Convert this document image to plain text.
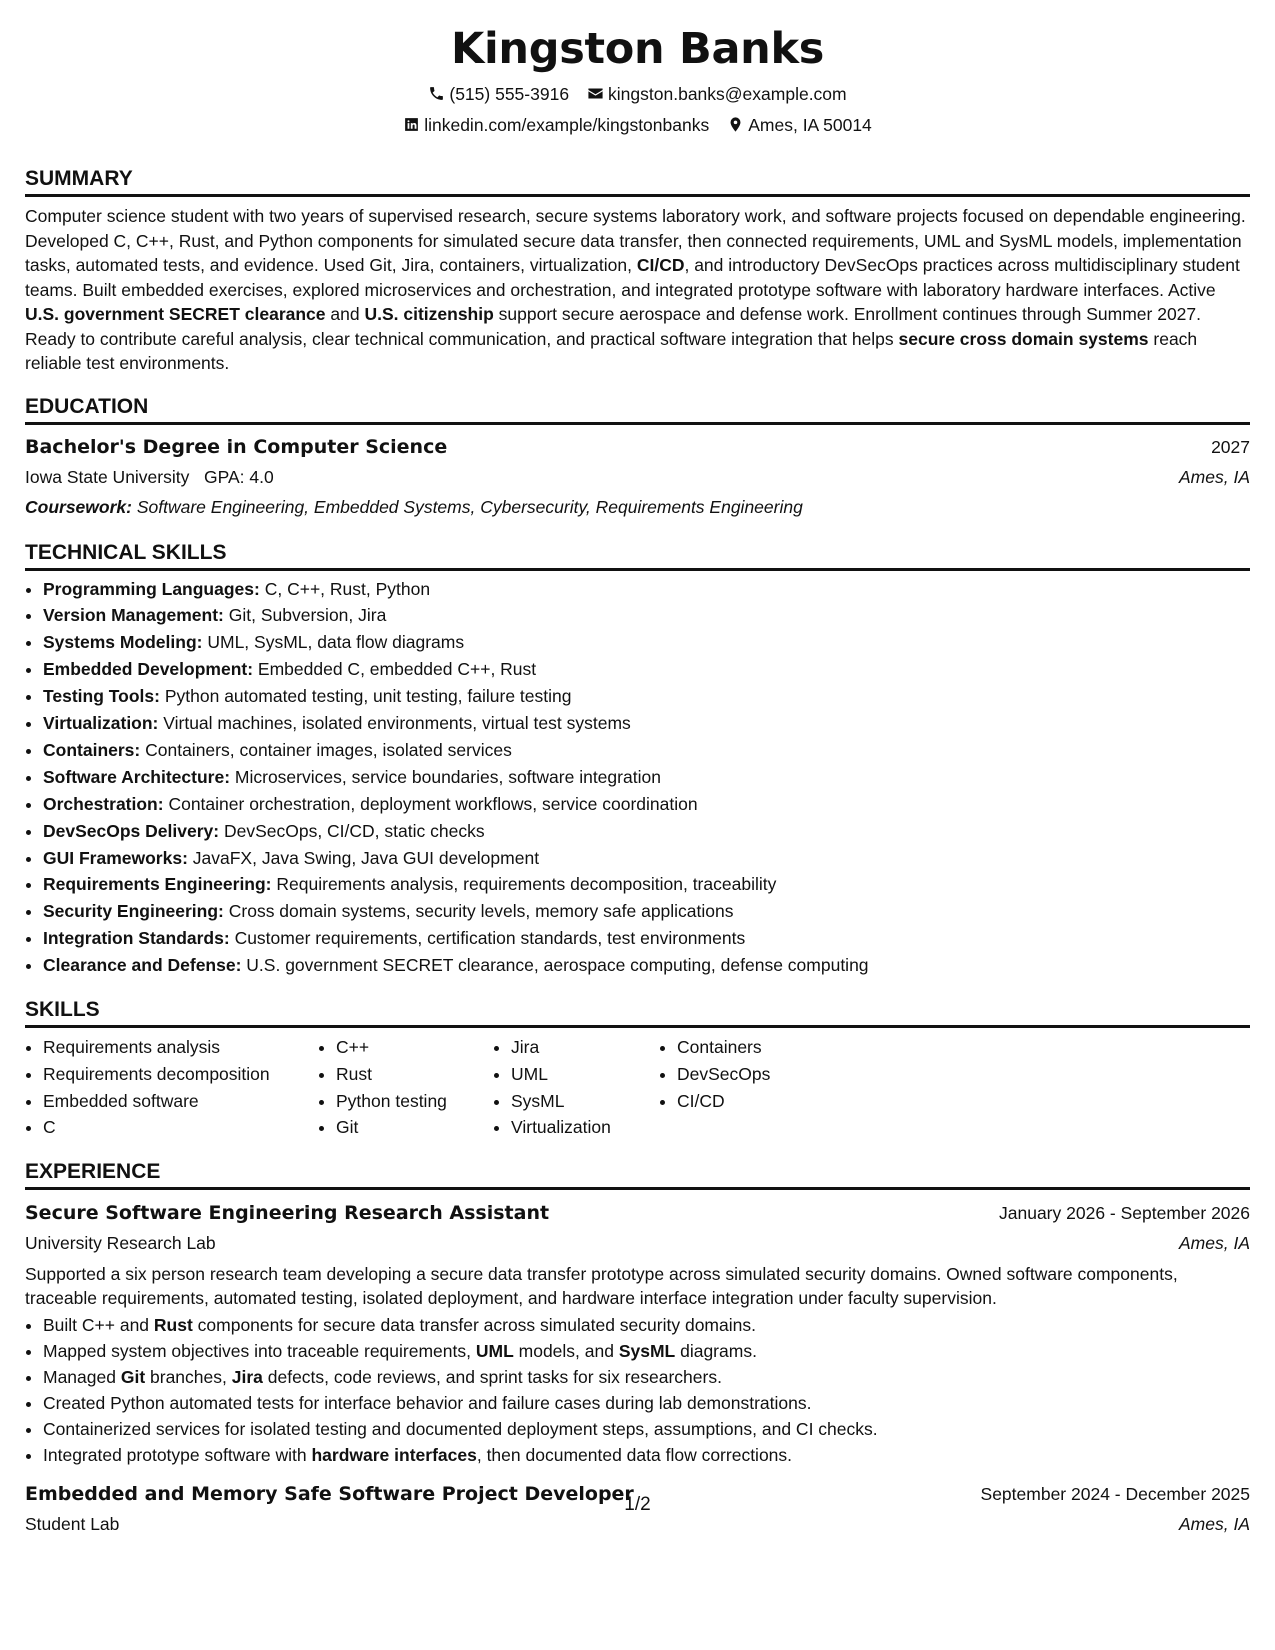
Kingston Banks
(515) 555-3916 kingston.banks@example.com
linkedin.com/example/kingstonbanks Ames, IA 50014
SUMMARY
Computer science student with two years of supervised research, secure systems laboratory work, and software projects focused on dependable engineering. Developed C, C++, Rust, and Python components for simulated secure data transfer, then connected requirements, UML and SysML models, implementation tasks, automated tests, and evidence. Used Git, Jira, containers, virtualization, CI/CD, and introductory DevSecOps practices across multidisciplinary student teams. Built embedded exercises, explored microservices and orchestration, and integrated prototype software with laboratory hardware interfaces. Active U.S. government SECRET clearance and U.S. citizenship support secure aerospace and defense work. Enrollment continues through Summer 2027. Ready to contribute careful analysis, clear technical communication, and practical software integration that helps secure cross domain systems reach reliable test environments.
EDUCATION
Bachelor's Degree in Computer Science	2027
Iowa State University GPA: 4.0	Ames, IA
Coursework: Software Engineering, Embedded Systems, Cybersecurity, Requirements Engineering
TECHNICAL SKILLS
• Programming Languages: C, C++, Rust, Python
• Version Management: Git, Subversion, Jira
• Systems Modeling: UML, SysML, data flow diagrams
• Embedded Development: Embedded C, embedded C++, Rust
• Testing Tools: Python automated testing, unit testing, failure testing
• Virtualization: Virtual machines, isolated environments, virtual test systems
• Containers: Containers, container images, isolated services
• Software Architecture: Microservices, service boundaries, software integration
• Orchestration: Container orchestration, deployment workflows, service coordination
• DevSecOps Delivery: DevSecOps, CI/CD, static checks
• GUI Frameworks: JavaFX, Java Swing, Java GUI development
• Requirements Engineering: Requirements analysis, requirements decomposition, traceability
• Security Engineering: Cross domain systems, security levels, memory safe applications
• Integration Standards: Customer requirements, certification standards, test environments
• Clearance and Defense: U.S. government SECRET clearance, aerospace computing, defense computing
SKILLS
• Requirements analysis
• Requirements decomposition
• Embedded software
• C
• C++
• Rust
• Python testing
• Git
• Jira
• UML
• SysML
• Virtualization
• Containers
• DevSecOps
• CI/CD
EXPERIENCE
Secure Software Engineering Research Assistant	January 2026 - September 2026
University Research Lab	Ames, IA
Supported a six person research team developing a secure data transfer prototype across simulated security domains. Owned software components, traceable requirements, automated testing, isolated deployment, and hardware interface integration under faculty supervision.
• Built C++ and Rust components for secure data transfer across simulated security domains.
• Mapped system objectives into traceable requirements, UML models, and SysML diagrams.
• Managed Git branches, Jira defects, code reviews, and sprint tasks for six researchers.
• Created Python automated tests for interface behavior and failure cases during lab demonstrations.
• Containerized services for isolated testing and documented deployment steps, assumptions, and CI checks.
• Integrated prototype software with hardware interfaces, then documented data flow corrections.
Embedded and Memory Safe Software Project Developer	September 2024 - December 2025
Student Lab	Ames, IA
1/2
